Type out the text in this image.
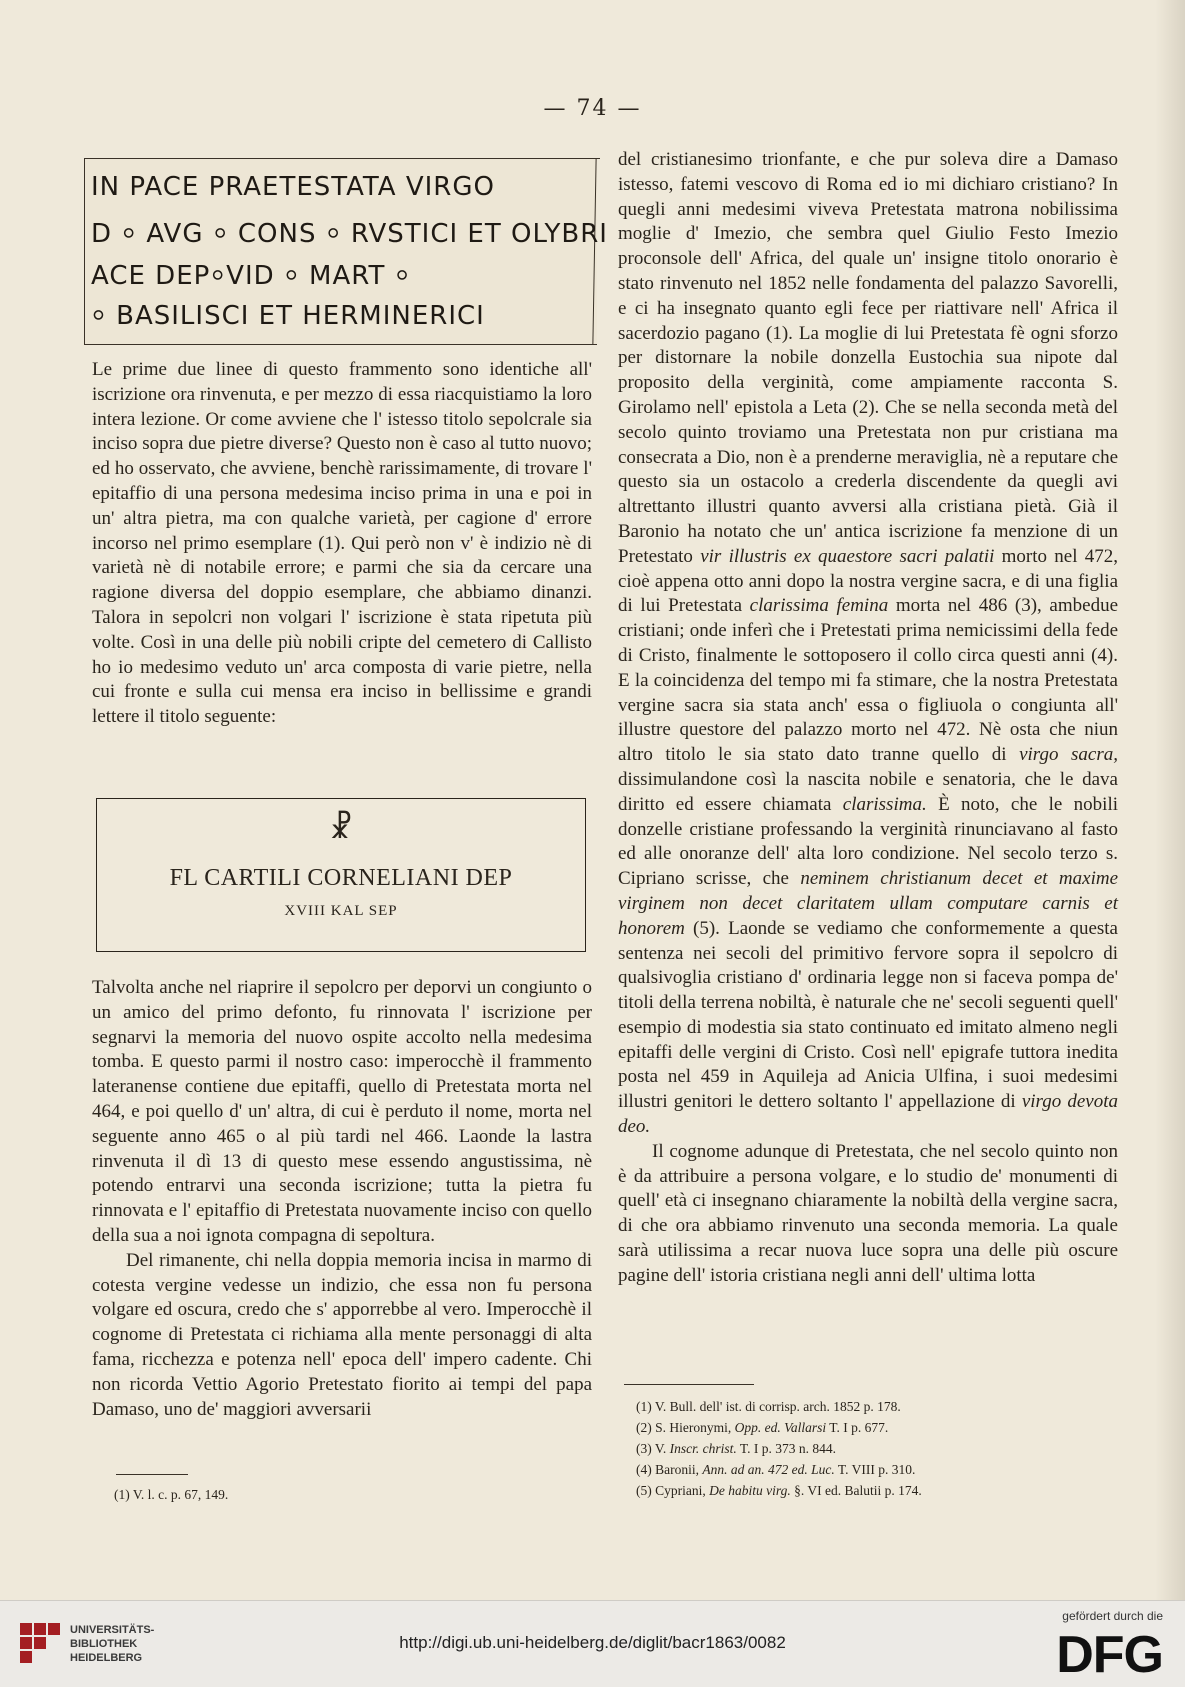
— 74 —
IN PACE PRAETESTATA VIRGO
D ⸰ AVG ⸰ CONS ⸰ RVSTICI ET OLYBRI
ACE DEP⸰VID ⸰ MART ⸰
⸰ BASILISCI ET HERMINERICI

Le prime due linee di questo frammento sono identiche all' iscrizione ora rinvenuta, e per mezzo di essa riacquistiamo la loro intera lezione. Or come avviene che l' istesso titolo sepolcrale sia inciso sopra due pietre diverse? Questo non è caso al tutto nuovo; ed ho osservato, che avviene, benchè rarissimamente, di trovare l' epitaffio di una persona medesima inciso prima in una e poi in un' altra pietra, ma con qualche varietà, per cagione d' errore incorso nel primo esemplare (1). Qui però non v' è indizio nè di varietà nè di notabile errore; e parmi che sia da cercare una ragione diversa del doppio esemplare, che abbiamo dinanzi. Talora in sepolcri non volgari l' iscrizione è stata ripetuta più volte. Così in una delle più nobili cripte del cemetero di Callisto ho io medesimo veduto un' arca composta di varie pietre, nella cui fronte e sulla cui mensa era inciso in bellissime e grandi lettere il titolo seguente:

☧
FL CARTILI CORNELIANI DEP
XVIII KAL SEP

Talvolta anche nel riaprire il sepolcro per deporvi un congiunto o un amico del primo defonto, fu rinnovata l' iscrizione per segnarvi la memoria del nuovo ospite accolto nella medesima tomba. E questo parmi il nostro caso: imperocchè il frammento lateranense contiene due epitaffi, quello di Pretestata morta nel 464, e poi quello d' un' altra, di cui è perduto il nome, morta nel seguente anno 465 o al più tardi nel 466. Laonde la lastra rinvenuta il dì 13 di questo mese essendo angustissima, nè potendo entrarvi una seconda iscrizione; tutta la pietra fu rinnovata e l' epitaffio di Pretestata nuovamente inciso con quello della sua a noi ignota compagna di sepoltura.

Del rimanente, chi nella doppia memoria incisa in marmo di cotesta vergine vedesse un indizio, che essa non fu persona volgare ed oscura, credo che s' apporrebbe al vero. Imperocchè il cognome di Pretestata ci richiama alla mente personaggi di alta fama, ricchezza e potenza nell' epoca dell' impero cadente. Chi non ricorda Vettio Agorio Pretestato fiorito ai tempi del papa Damaso, uno de' maggiori avversarii

(1) V. l. c. p. 67, 149.

del cristianesimo trionfante, e che pur soleva dire a Damaso istesso, fatemi vescovo di Roma ed io mi dichiaro cristiano? In quegli anni medesimi viveva Pretestata matrona nobilissima moglie d' Imezio, che sembra quel Giulio Festo Imezio proconsole dell' Africa, del quale un' insigne titolo onorario è stato rinvenuto nel 1852 nelle fondamenta del palazzo Savorelli, e ci ha insegnato quanto egli fece per riattivare nell' Africa il sacerdozio pagano (1). La moglie di lui Pretestata fè ogni sforzo per distornare la nobile donzella Eustochia sua nipote dal proposito della verginità, come ampiamente racconta S. Girolamo nell' epistola a Leta (2). Che se nella seconda metà del secolo quinto troviamo una Pretestata non pur cristiana ma consecrata a Dio, non è a prenderne meraviglia, nè a reputare che questo sia un ostacolo a crederla discendente da quegli avi altrettanto illustri quanto avversi alla cristiana pietà. Già il Baronio ha notato che un' antica iscrizione fa menzione di un Pretestato vir illustris ex quaestore sacri palatii morto nel 472, cioè appena otto anni dopo la nostra vergine sacra, e di una figlia di lui Pretestata clarissima femina morta nel 486 (3), ambedue cristiani; onde inferì che i Pretestati prima nemicissimi della fede di Cristo, finalmente le sottoposero il collo circa questi anni (4). E la coincidenza del tempo mi fa stimare, che la nostra Pretestata vergine sacra sia stata anch' essa o figliuola o congiunta all' illustre questore del palazzo morto nel 472. Nè osta che niun altro titolo le sia stato dato tranne quello di virgo sacra, dissimulandone così la nascita nobile e senatoria, che le dava diritto ed essere chiamata clarissima. È noto, che le nobili donzelle cristiane professando la verginità rinunciavano al fasto ed alle onoranze dell' alta loro condizione. Nel secolo terzo s. Cipriano scrisse, che neminem christianum decet et maxime virginem non decet claritatem ullam computare carnis et honorem (5). Laonde se vediamo che conformemente a questa sentenza nei secoli del primitivo fervore sopra il sepolcro di qualsivoglia cristiano d' ordinaria legge non si faceva pompa de' titoli della terrena nobiltà, è naturale che ne' secoli seguenti quell' esempio di modestia sia stato continuato ed imitato almeno negli epitaffi delle vergini di Cristo. Così nell' epigrafe tuttora inedita posta nel 459 in Aquileja ad Anicia Ulfina, i suoi medesimi illustri genitori le dettero soltanto l' appellazione di virgo devota deo.

Il cognome adunque di Pretestata, che nel secolo quinto non è da attribuire a persona volgare, e lo studio de' monumenti di quell' età ci insegnano chiaramente la nobiltà della vergine sacra, di che ora abbiamo rinvenuto una seconda memoria. La quale sarà utilissima a recar nuova luce sopra una delle più oscure pagine dell' istoria cristiana negli anni dell' ultima lotta

(1) V. Bull. dell' ist. di corrisp. arch. 1852 p. 178.
(2) S. Hieronymi, Opp. ed. Vallarsi T. I p. 677.
(3) V. Inscr. christ. T. I p. 373 n. 844.
(4) Baronii, Ann. ad an. 472 ed. Luc. T. VIII p. 310.
(5) Cypriani, De habitu virg. §. VI ed. Balutii p. 174.
UNIVERSITÄTS-
BIBLIOTHEK
HEIDELBERG
http://digi.ub.uni-heidelberg.de/diglit/bacr1863/0082
gefördert durch die
DFG
